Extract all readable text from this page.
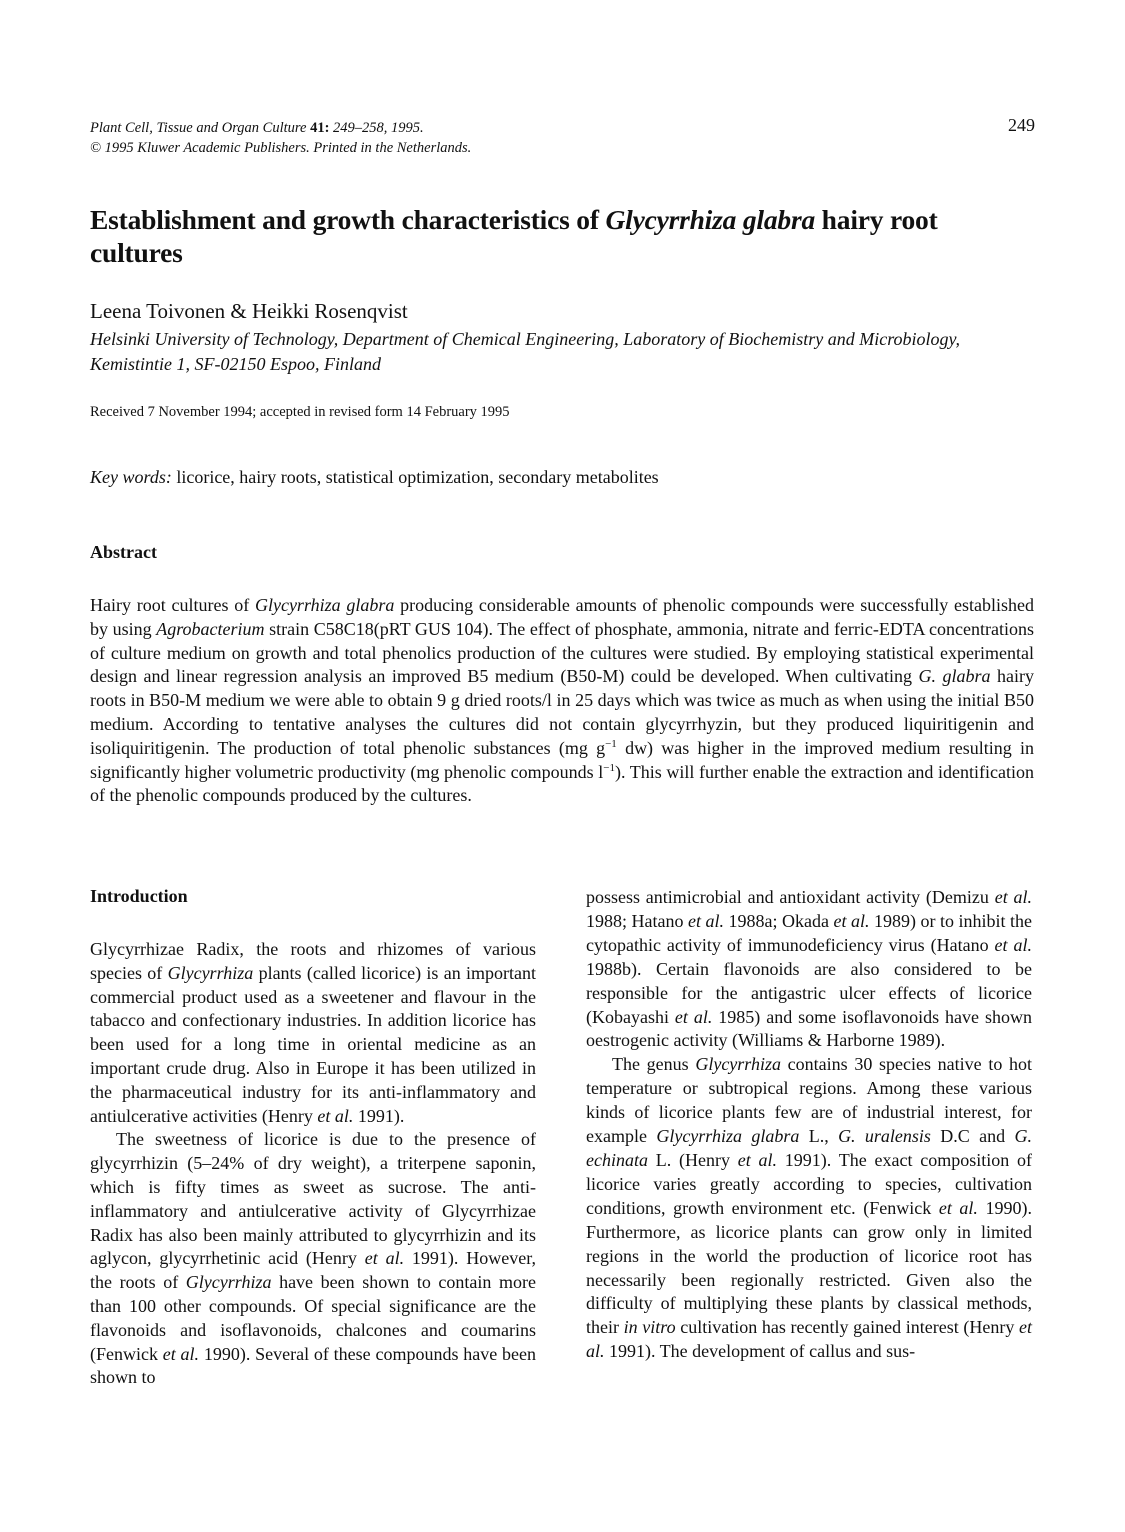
Plant Cell, Tissue and Organ Culture 41: 249–258, 1995.
© 1995 Kluwer Academic Publishers. Printed in the Netherlands.
249
Establishment and growth characteristics of Glycyrrhiza glabra hairy root cultures
Leena Toivonen & Heikki Rosenqvist
Helsinki University of Technology, Department of Chemical Engineering, Laboratory of Biochemistry and Microbiology, Kemistintie 1, SF-02150 Espoo, Finland
Received 7 November 1994; accepted in revised form 14 February 1995
Key words: licorice, hairy roots, statistical optimization, secondary metabolites
Abstract

Hairy root cultures of Glycyrrhiza glabra producing considerable amounts of phenolic compounds were successfully established by using Agrobacterium strain C58C18(pRT GUS 104). The effect of phosphate, ammonia, nitrate and ferric-EDTA concentrations of culture medium on growth and total phenolics production of the cultures were studied. By employing statistical experimental design and linear regression analysis an improved B5 medium (B50-M) could be developed. When cultivating G. glabra hairy roots in B50-M medium we were able to obtain 9 g dried roots/l in 25 days which was twice as much as when using the initial B50 medium. According to tentative analyses the cultures did not contain glycyrrhyzin, but they produced liquiritigenin and isoliquiritigenin. The production of total phenolic substances (mg $g^{-1}$ dw) was higher in the improved medium resulting in significantly higher volumetric productivity (mg phenolic compounds $l^{-1}$). This will further enable the extraction and identification of the phenolic compounds produced by the cultures.

Introduction

Glycyrrhizae Radix, the roots and rhizomes of various species of Glycyrrhiza plants (called licorice) is an important commercial product used as a sweetener and flavour in the tabacco and confectionary industries. In addition licorice has been used for a long time in oriental medicine as an important crude drug. Also in Europe it has been utilized in the pharmaceutical industry for its anti-inflammatory and antiulcerative activities (Henry et al. 1991).

The sweetness of licorice is due to the presence of glycyrrhizin (5–24% of dry weight), a triterpene saponin, which is fifty times as sweet as sucrose. The anti-inflammatory and antiulcerative activity of Glycyrrhizae Radix has also been mainly attributed to glycyrrhizin and its aglycon, glycyrrhetinic acid (Henry et al. 1991). However, the roots of Glycyrrhiza have been shown to contain more than 100 other compounds. Of special significance are the flavonoids and isoflavonoids, chalcones and coumarins (Fenwick et al. 1990). Several of these compounds have been shown to

possess antimicrobial and antioxidant activity (Demizu et al. 1988; Hatano et al. 1988a; Okada et al. 1989) or to inhibit the cytopathic activity of immunodeficiency virus (Hatano et al. 1988b). Certain flavonoids are also considered to be responsible for the antigastric ulcer effects of licorice (Kobayashi et al. 1985) and some isoflavonoids have shown oestrogenic activity (Williams & Harborne 1989).

The genus Glycyrrhiza contains 30 species native to hot temperature or subtropical regions. Among these various kinds of licorice plants few are of industrial interest, for example Glycyrrhiza glabra L., G. uralensis D.C and G. echinata L. (Henry et al. 1991). The exact composition of licorice varies greatly according to species, cultivation conditions, growth environment etc. (Fenwick et al. 1990). Furthermore, as licorice plants can grow only in limited regions in the world the production of licorice root has necessarily been regionally restricted. Given also the difficulty of multiplying these plants by classical methods, their in vitro cultivation has recently gained interest (Henry et al. 1991). The development of callus and sus-
